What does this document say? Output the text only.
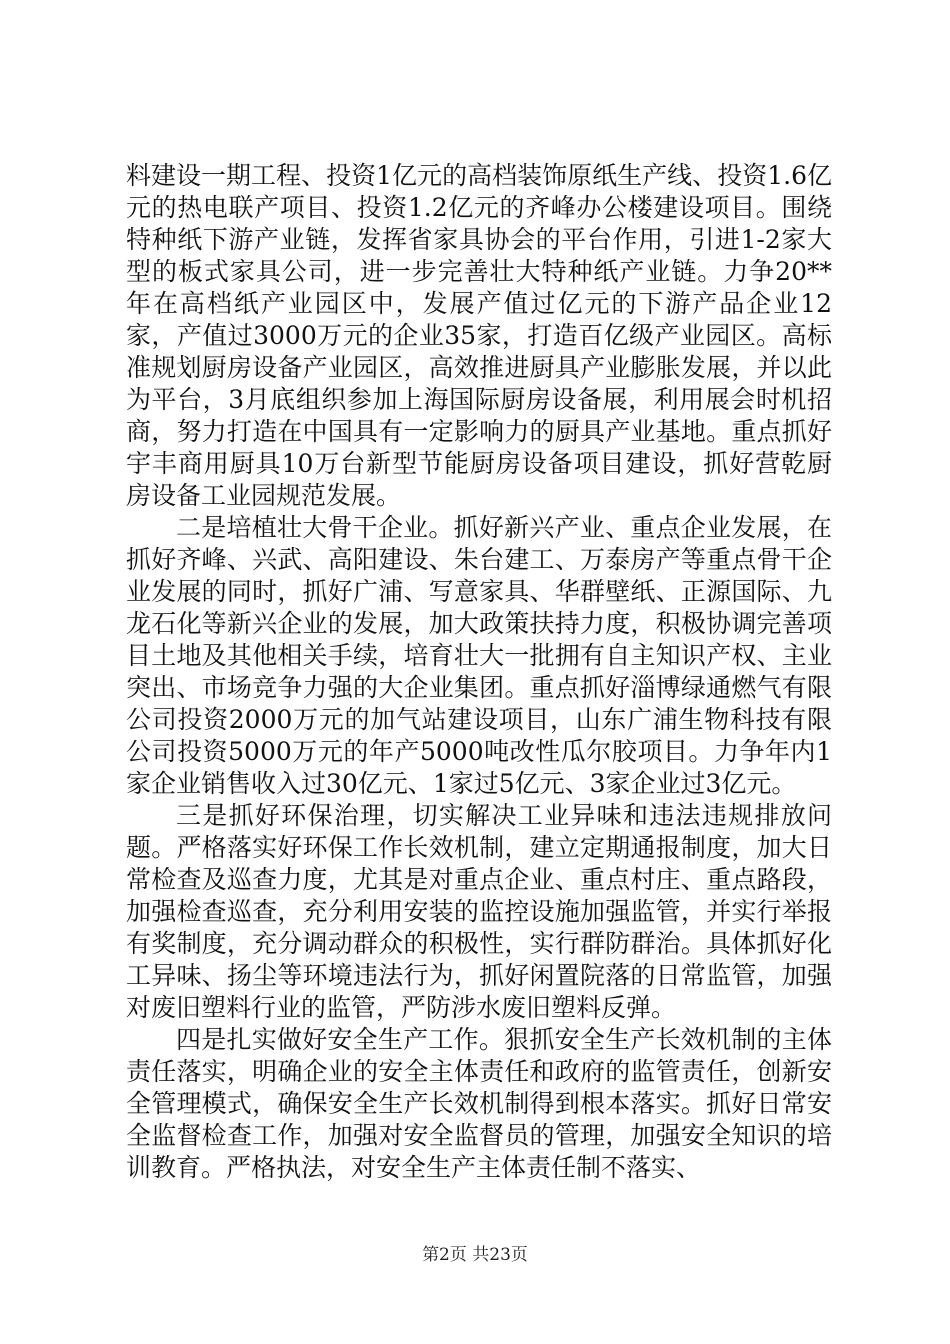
料建设一期工程、投资1亿元的高档装饰原纸生产线、投资1.6亿元的热电联产项目、投资1.2亿元的齐峰办公楼建设项目。围绕特种纸下游产业链，发挥省家具协会的平台作用，引进1-2家大型的板式家具公司，进一步完善壮大特种纸产业链。力争20**年在高档纸产业园区中，发展产值过亿元的下游产品企业12家，产值过3000万元的企业35家，打造百亿级产业园区。高标准规划厨房设备产业园区，高效推进厨具产业膨胀发展，并以此为平台，3月底组织参加上海国际厨房设备展，利用展会时机招商，努力打造在中国具有一定影响力的厨具产业基地。重点抓好宇丰商用厨具10万台新型节能厨房设备项目建设，抓好营乾厨房设备工业园规范发展。

二是培植壮大骨干企业。抓好新兴产业、重点企业发展，在抓好齐峰、兴武、高阳建设、朱台建工、万泰房产等重点骨干企业发展的同时，抓好广浦、写意家具、华群壁纸、正源国际、九龙石化等新兴企业的发展，加大政策扶持力度，积极协调完善项目土地及其他相关手续，培育壮大一批拥有自主知识产权、主业突出、市场竞争力强的大企业集团。重点抓好淄博绿通燃气有限公司投资2000万元的加气站建设项目，山东广浦生物科技有限公司投资5000万元的年产5000吨改性瓜尔胶项目。力争年内1家企业销售收入过30亿元、1家过5亿元、3家企业过3亿元。

三是抓好环保治理，切实解决工业异味和违法违规排放问题。严格落实好环保工作长效机制，建立定期通报制度，加大日常检查及巡查力度，尤其是对重点企业、重点村庄、重点路段，加强检查巡查，充分利用安装的监控设施加强监管，并实行举报有奖制度，充分调动群众的积极性，实行群防群治。具体抓好化工异味、扬尘等环境违法行为，抓好闲置院落的日常监管，加强对废旧塑料行业的监管，严防涉水废旧塑料反弹。

四是扎实做好安全生产工作。狠抓安全生产长效机制的主体责任落实，明确企业的安全主体责任和政府的监管责任，创新安全管理模式，确保安全生产长效机制得到根本落实。抓好日常安全监督检查工作，加强对安全监督员的管理，加强安全知识的培训教育。严格执法，对安全生产主体责任制不落实、

第2页 共23页
